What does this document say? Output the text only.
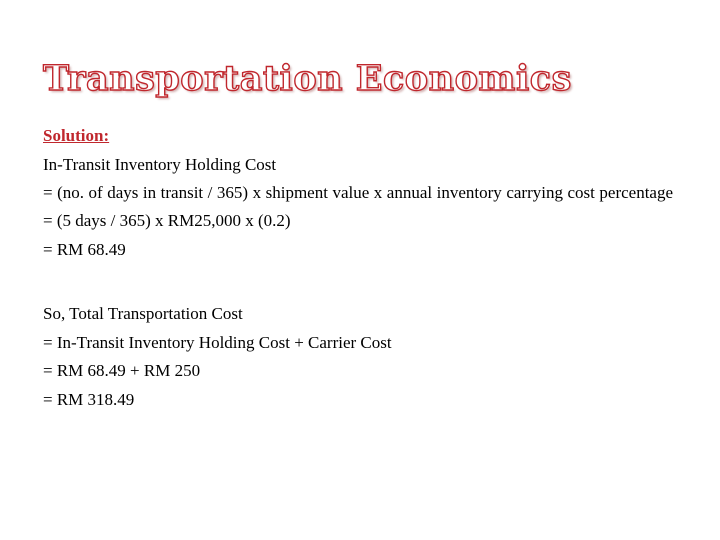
Transportation Economics

Solution:

In-Transit Inventory Holding Cost

= (no. of days in transit / 365) x shipment value x annual inventory carrying cost percentage

= (5 days / 365) x RM25,000 x (0.2)

= RM 68.49

So, Total Transportation Cost

= In-Transit Inventory Holding Cost + Carrier Cost

= RM 68.49 + RM 250

= RM 318.49
